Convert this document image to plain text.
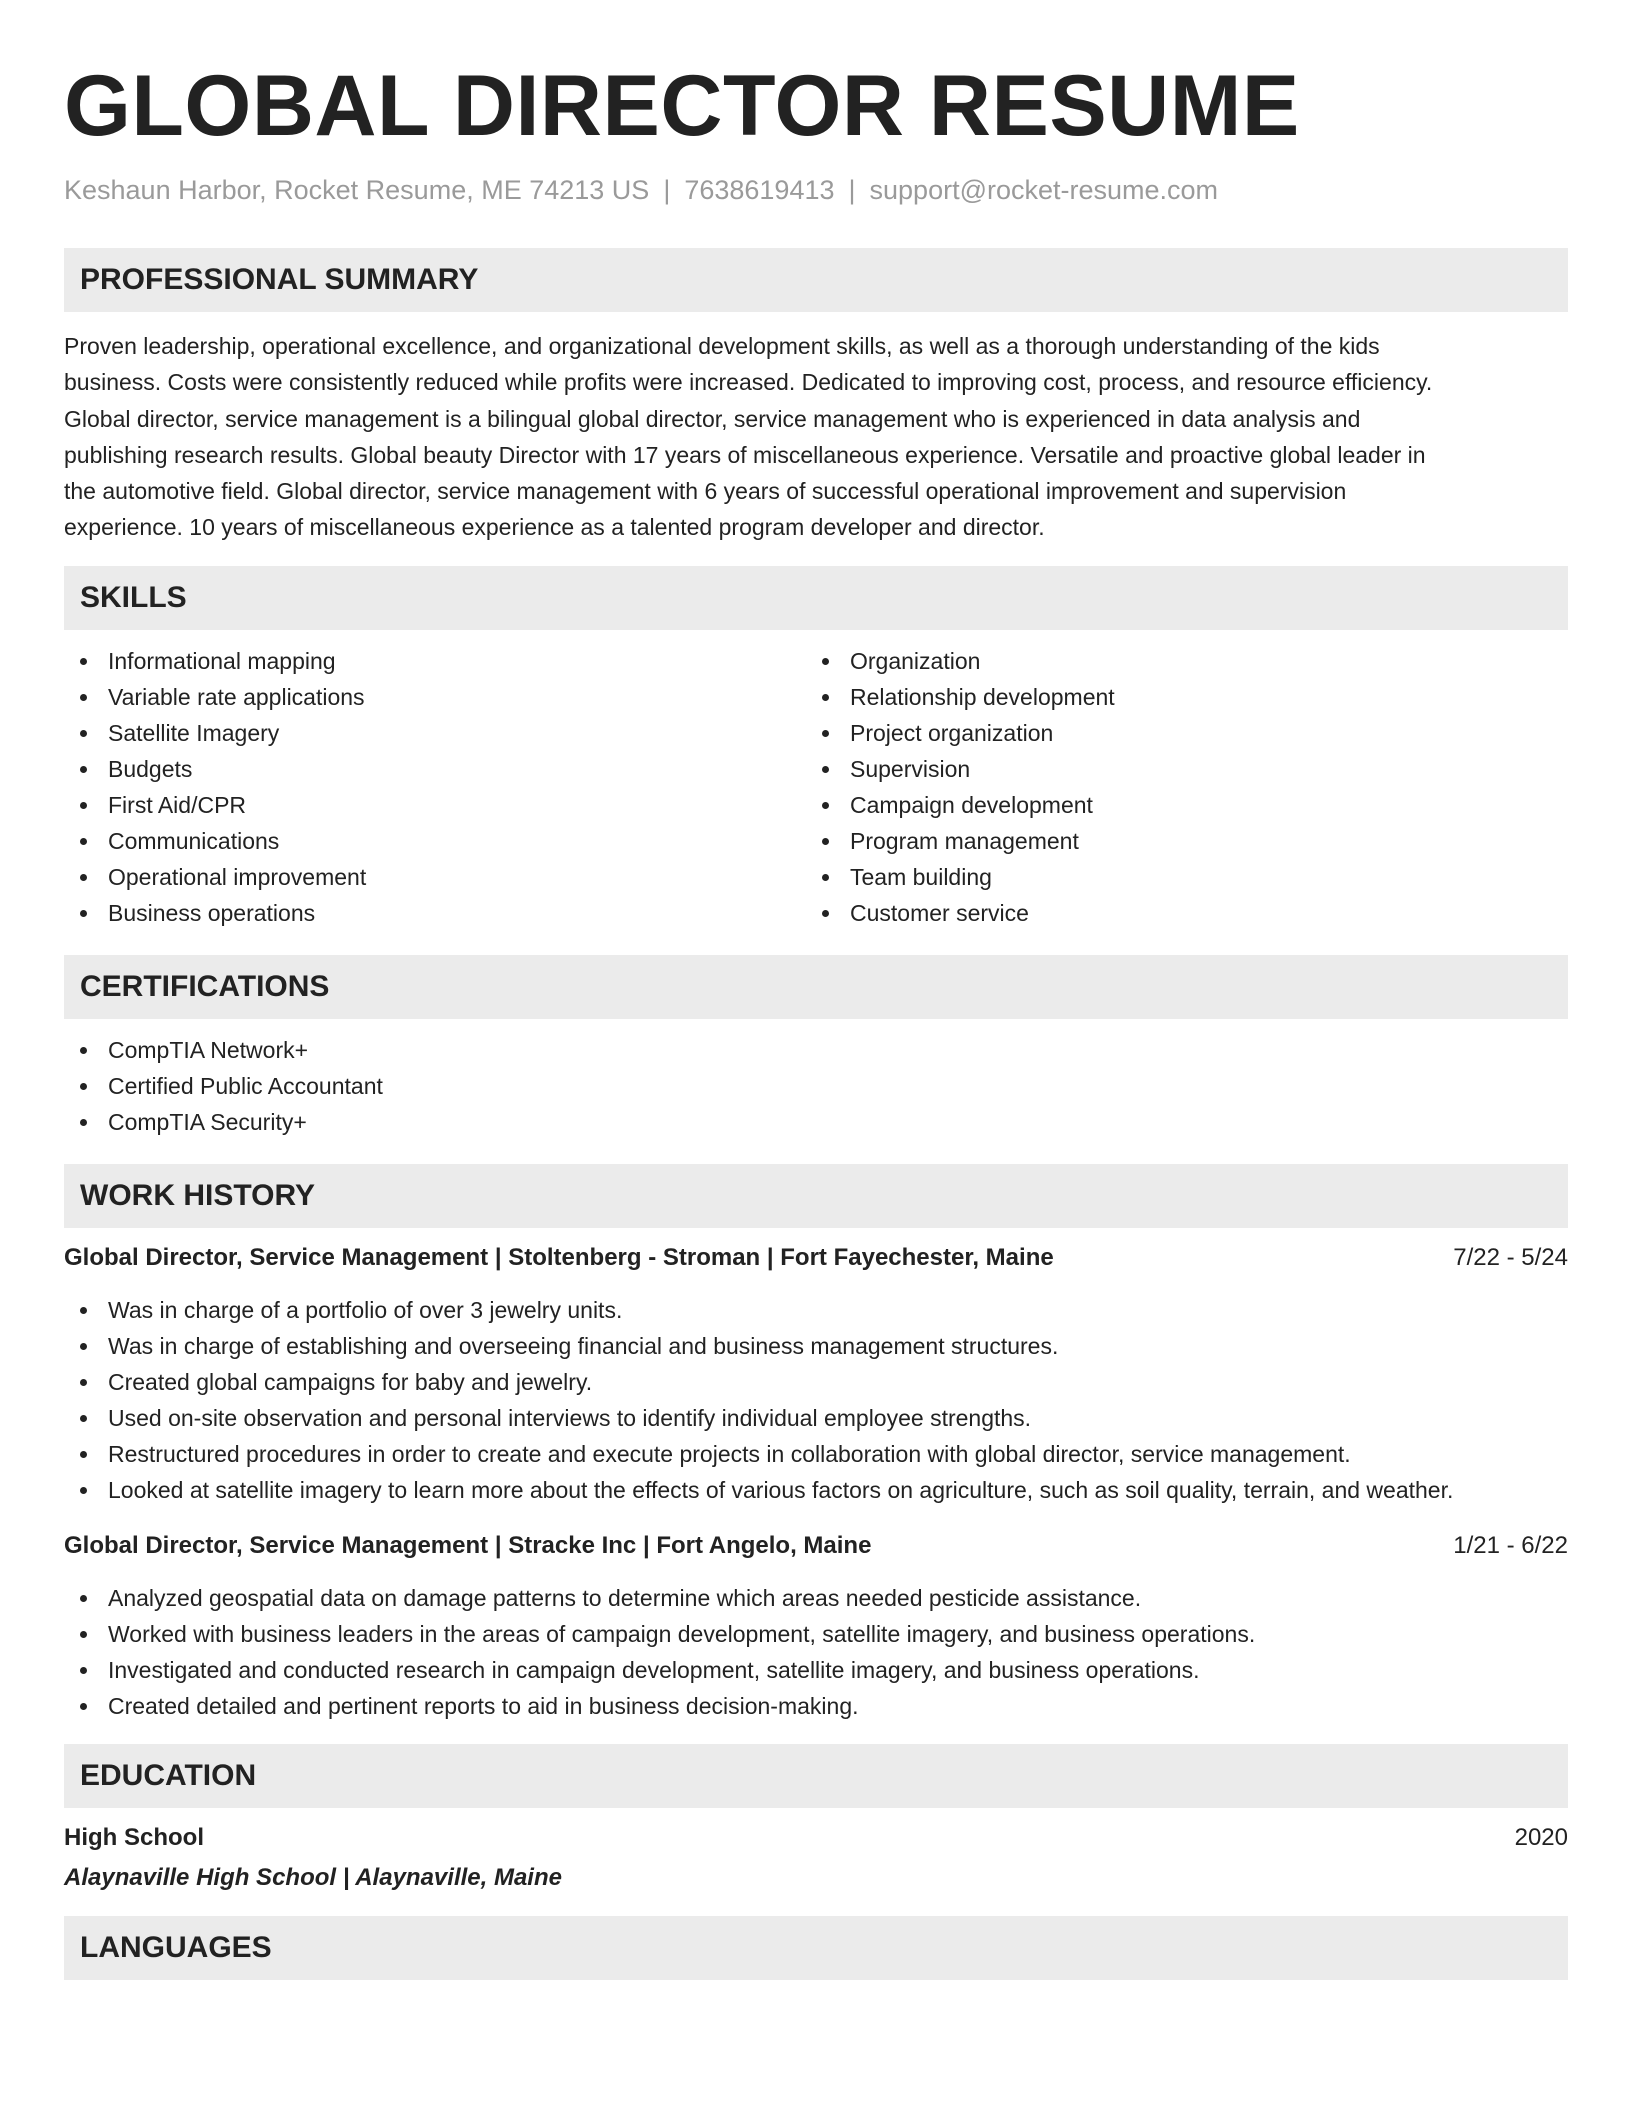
GLOBAL DIRECTOR RESUME
Keshaun Harbor, Rocket Resume, ME 74213 US | 7638619413 | support@rocket-resume.com
PROFESSIONAL SUMMARY
Proven leadership, operational excellence, and organizational development skills, as well as a thorough understanding of the kids
business. Costs were consistently reduced while profits were increased. Dedicated to improving cost, process, and resource efficiency.
Global director, service management is a bilingual global director, service management who is experienced in data analysis and
publishing research results. Global beauty Director with 17 years of miscellaneous experience. Versatile and proactive global leader in
the automotive field. Global director, service management with 6 years of successful operational improvement and supervision
experience. 10 years of miscellaneous experience as a talented program developer and director.
SKILLS
Informational mapping
Variable rate applications
Satellite Imagery
Budgets
First Aid/CPR
Communications
Operational improvement
Business operations
Organization
Relationship development
Project organization
Supervision
Campaign development
Program management
Team building
Customer service
CERTIFICATIONS
CompTIA Network+
Certified Public Accountant
CompTIA Security+
WORK HISTORY
Global Director, Service Management | Stoltenberg - Stroman | Fort Fayechester, Maine	7/22 - 5/24
Was in charge of a portfolio of over 3 jewelry units.
Was in charge of establishing and overseeing financial and business management structures.
Created global campaigns for baby and jewelry.
Used on-site observation and personal interviews to identify individual employee strengths.
Restructured procedures in order to create and execute projects in collaboration with global director, service management.
Looked at satellite imagery to learn more about the effects of various factors on agriculture, such as soil quality, terrain, and weather.
Global Director, Service Management | Stracke Inc | Fort Angelo, Maine	1/21 - 6/22
Analyzed geospatial data on damage patterns to determine which areas needed pesticide assistance.
Worked with business leaders in the areas of campaign development, satellite imagery, and business operations.
Investigated and conducted research in campaign development, satellite imagery, and business operations.
Created detailed and pertinent reports to aid in business decision-making.
EDUCATION
High School	2020
Alaynaville High School | Alaynaville, Maine
LANGUAGES
